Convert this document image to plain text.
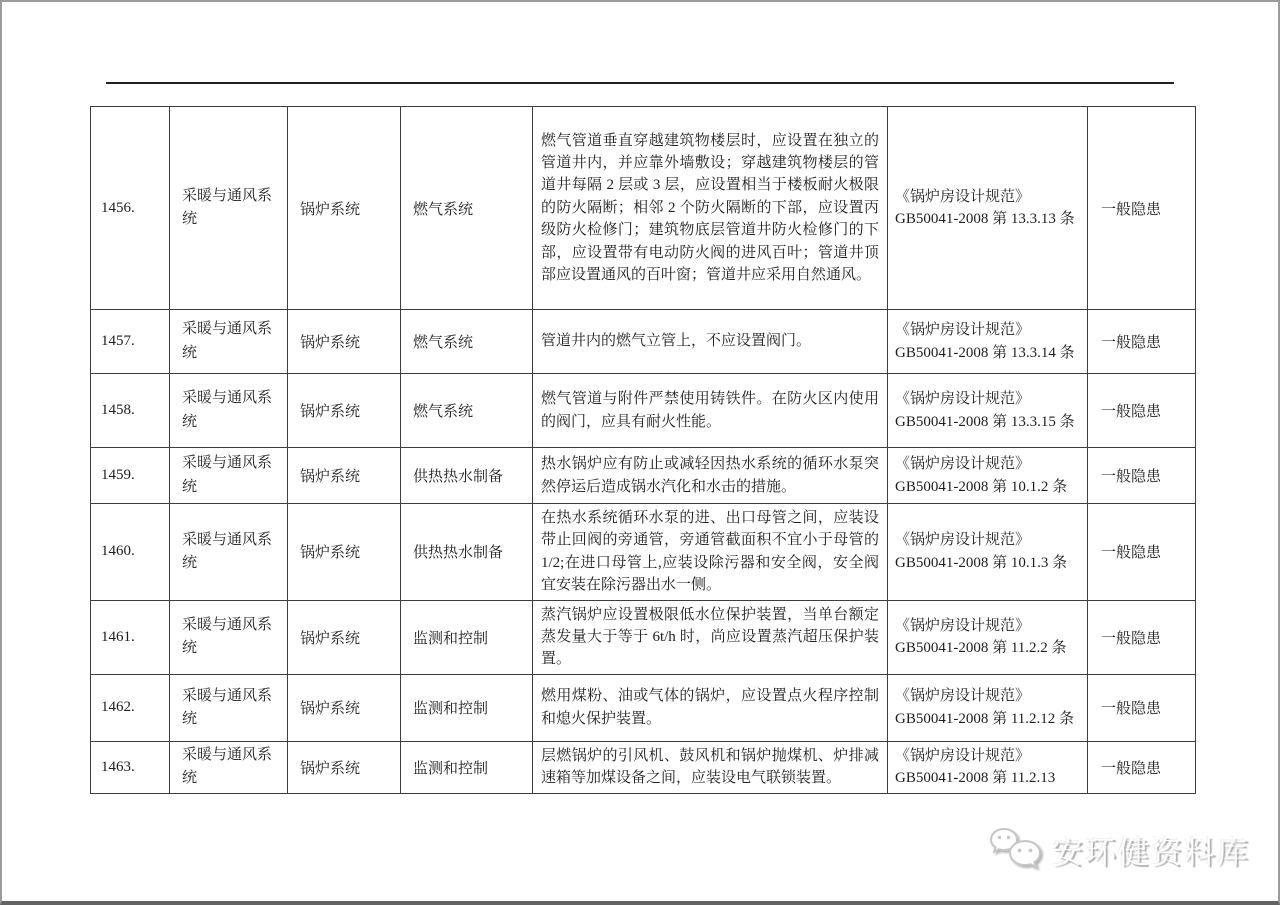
1456.	采暖与通风系统	锅炉系统	燃气系统	燃气管道垂直穿越建筑物楼层时，应设置在独立的管道井内，并应靠外墙敷设；穿越建筑物楼层的管道井每隔 2 层或 3 层，应设置相当于楼板耐火极限的防火隔断；相邻 2 个防火隔断的下部，应设置丙级防火检修门；建筑物底层管道井防火检修门的下部，应设置带有电动防火阀的进风百叶；管道井顶部应设置通风的百叶窗；管道井应采用自然通风。	《锅炉房设计规范》 GB50041-2008 第 13.3.13 条	一般隐患
1457.	采暖与通风系统	锅炉系统	燃气系统	管道井内的燃气立管上，不应设置阀门。	《锅炉房设计规范》 GB50041-2008 第 13.3.14 条	一般隐患
1458.	采暖与通风系统	锅炉系统	燃气系统	燃气管道与附件严禁使用铸铁件。在防火区内使用的阀门，应具有耐火性能。	《锅炉房设计规范》 GB50041-2008 第 13.3.15 条	一般隐患
1459.	采暖与通风系统	锅炉系统	供热热水制备	热水锅炉应有防止或减轻因热水系统的循环水泵突然停运后造成锅水汽化和水击的措施。	《锅炉房设计规范》 GB50041-2008 第 10.1.2 条	一般隐患
1460.	采暖与通风系统	锅炉系统	供热热水制备	在热水系统循环水泵的进、出口母管之间，应装设带止回阀的旁通管，旁通管截面积不宜小于母管的 1/2;在进口母管上,应装设除污器和安全阀，安全阀宜安装在除污器出水一侧。	《锅炉房设计规范》 GB50041-2008 第 10.1.3 条	一般隐患
1461.	采暖与通风系统	锅炉系统	监测和控制	蒸汽锅炉应设置极限低水位保护装置，当单台额定蒸发量大于等于 6t/h 时，尚应设置蒸汽超压保护装置。	《锅炉房设计规范》 GB50041-2008 第 11.2.2 条	一般隐患
1462.	采暖与通风系统	锅炉系统	监测和控制	燃用煤粉、油或气体的锅炉，应设置点火程序控制和熄火保护装置。	《锅炉房设计规范》 GB50041-2008 第 11.2.12 条	一般隐患
1463.	采暖与通风系统	锅炉系统	监测和控制	层燃锅炉的引风机、鼓风机和锅炉抛煤机、炉排减速箱等加煤设备之间，应装设电气联锁装置。	《锅炉房设计规范》 GB50041-2008 第 11.2.13	一般隐患
安环健资料库
